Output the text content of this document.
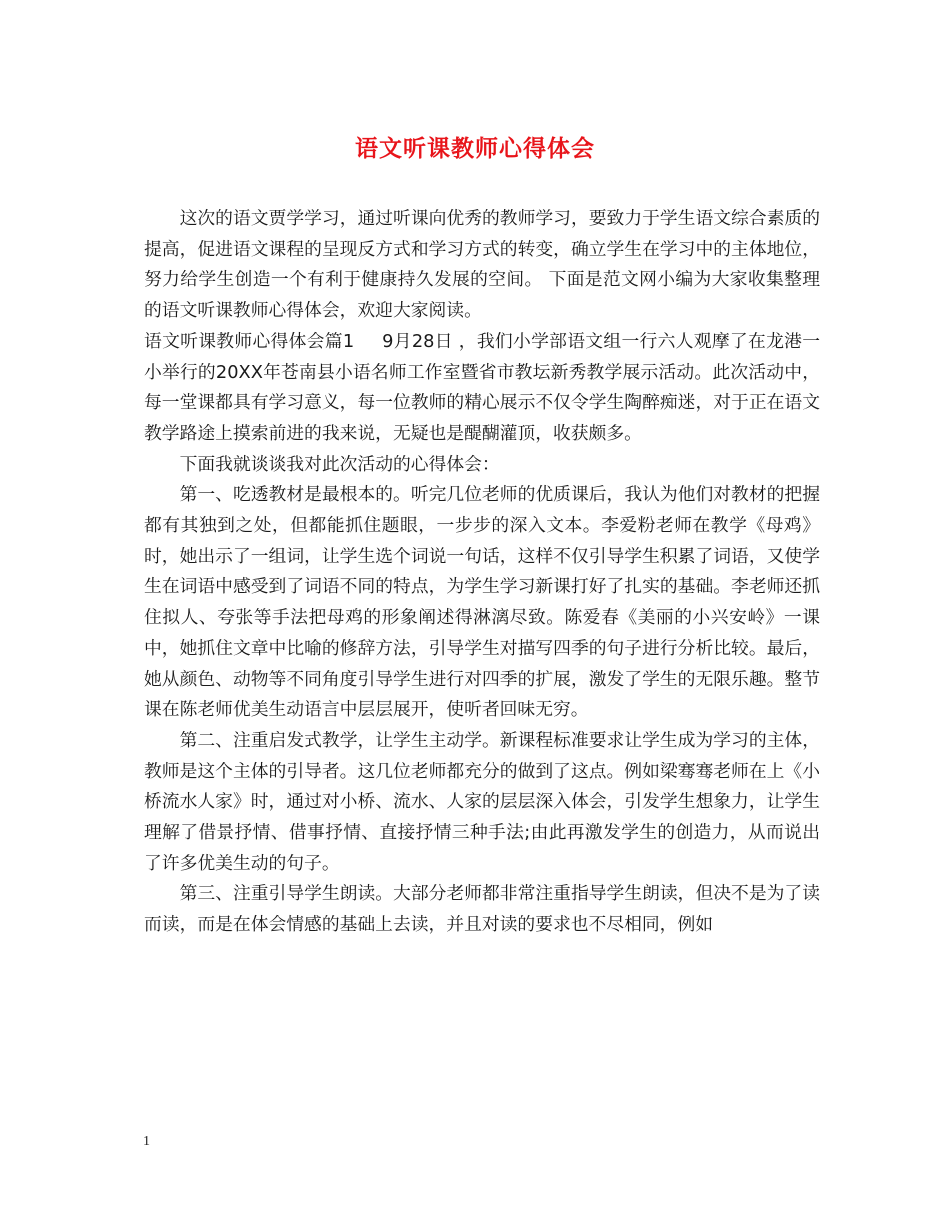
语文听课教师心得体会

这次的语文贾学学习，通过听课向优秀的教师学习，要致力于学生语文综合素质的提高，促进语文课程的呈现反方式和学习方式的转变，确立学生在学习中的主体地位，努力给学生创造一个有利于健康持久发展的空间。 下面是范文网小编为大家收集整理的语文听课教师心得体会，欢迎大家阅读。

语文听课教师心得体会篇1 9月28日 ，我们小学部语文组一行六人观摩了在龙港一小举行的20XX年苍南县小语名师工作室暨省市教坛新秀教学展示活动。此次活动中，每一堂课都具有学习意义，每一位教师的精心展示不仅令学生陶醉痴迷，对于正在语文教学路途上摸索前进的我来说，无疑也是醍醐灌顶，收获颇多。

下面我就谈谈我对此次活动的心得体会：

第一、吃透教材是最根本的。听完几位老师的优质课后，我认为他们对教材的把握都有其独到之处，但都能抓住题眼，一步步的深入文本。李爱粉老师在教学《母鸡》时，她出示了一组词，让学生选个词说一句话，这样不仅引导学生积累了词语，又使学生在词语中感受到了词语不同的特点，为学生学习新课打好了扎实的基础。李老师还抓住拟人、夸张等手法把母鸡的形象阐述得淋漓尽致。陈爱春《美丽的小兴安岭》一课中，她抓住文章中比喻的修辞方法，引导学生对描写四季的句子进行分析比较。最后，她从颜色、动物等不同角度引导学生进行对四季的扩展，激发了学生的无限乐趣。整节课在陈老师优美生动语言中层层展开，使听者回味无穷。

第二、注重启发式教学，让学生主动学。新课程标准要求让学生成为学习的主体，教师是这个主体的引导者。这几位老师都充分的做到了这点。例如梁骞骞老师在上《小桥流水人家》时，通过对小桥、流水、人家的层层深入体会，引发学生想象力，让学生理解了借景抒情、借事抒情、直接抒情三种手法;由此再激发学生的创造力，从而说出了许多优美生动的句子。

第三、注重引导学生朗读。大部分老师都非常注重指导学生朗读，但决不是为了读而读，而是在体会情感的基础上去读，并且对读的要求也不尽相同，例如

1
